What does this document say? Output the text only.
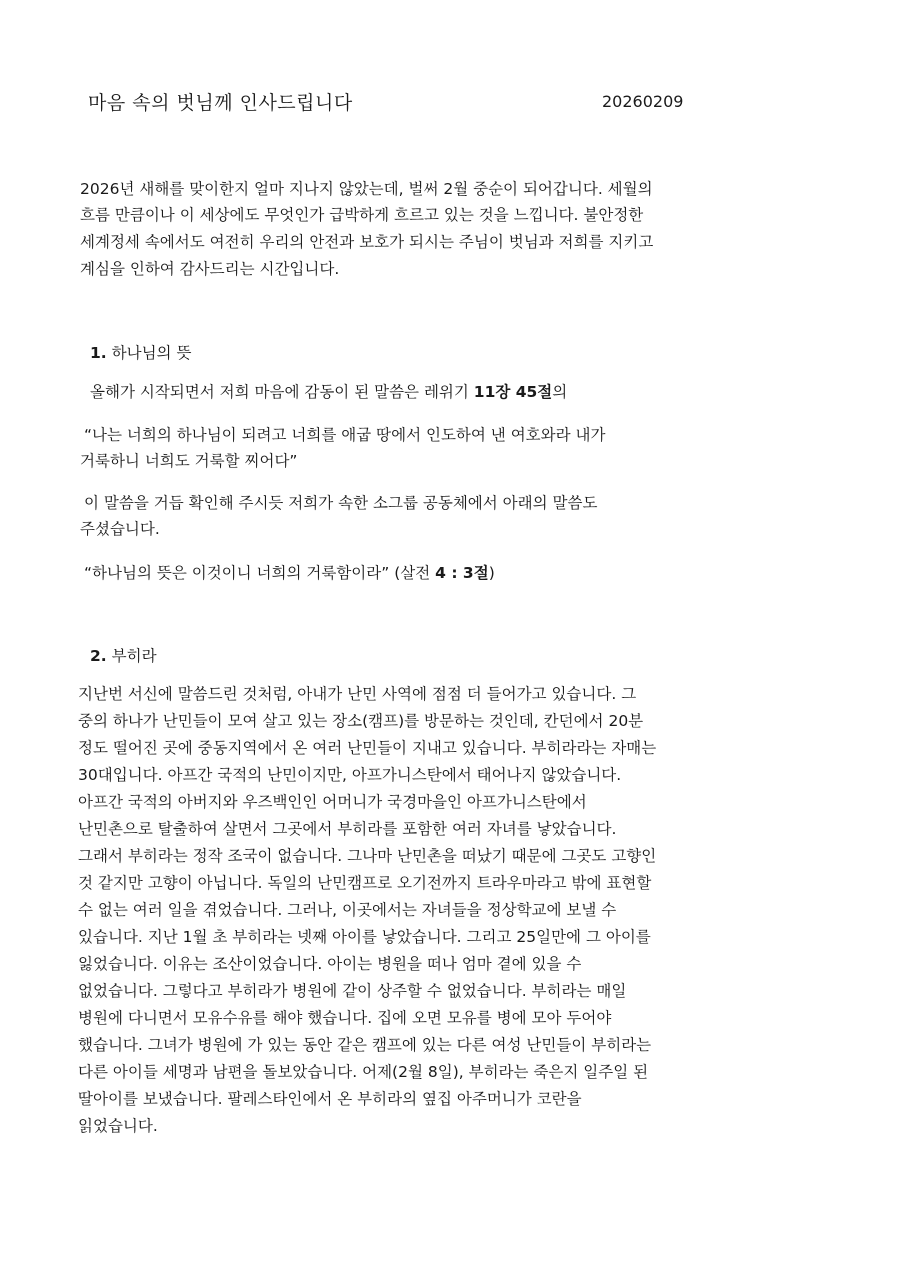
마음 속의 벗님께 인사드립니다	20260209
2026년 새해를 맞이한지 얼마 지나지 않았는데, 벌써 2월 중순이 되어갑니다. 세월의
흐름 만큼이나 이 세상에도 무엇인가 급박하게 흐르고 있는 것을 느낍니다. 불안정한
세계정세 속에서도 여전히 우리의 안전과 보호가 되시는 주님이 벗님과 저희를 지키고
계심을 인하여 감사드리는 시간입니다.
1. 하나님의 뜻
올해가 시작되면서 저희 마음에 감동이 된 말씀은 레위기 11장 45절의
“나는 너희의 하나님이 되려고 너희를 애굽 땅에서 인도하여 낸 여호와라 내가
거룩하니 너희도 거룩할 찌어다”
이 말씀을 거듭 확인해 주시듯 저희가 속한 소그룹 공동체에서 아래의 말씀도
주셨습니다.
“하나님의 뜻은 이것이니 너희의 거룩함이라” (살전 4 : 3절)
2. 부히라
지난번 서신에 말씀드린 것처럼, 아내가 난민 사역에 점점 더 들어가고 있습니다. 그
중의 하나가 난민들이 모여 살고 있는 장소(캠프)를 방문하는 것인데, 칸던에서 20분
정도 떨어진 곳에 중동지역에서 온 여러 난민들이 지내고 있습니다. 부히라라는 자매는
30대입니다. 아프간 국적의 난민이지만, 아프가니스탄에서 태어나지 않았습니다.
아프간 국적의 아버지와 우즈백인인 어머니가 국경마을인 아프가니스탄에서
난민촌으로 탈출하여 살면서 그곳에서 부히라를 포함한 여러 자녀를 낳았습니다.
그래서 부히라는 정작 조국이 없습니다. 그나마 난민촌을 떠났기 때문에 그곳도 고향인
것 같지만 고향이 아닙니다. 독일의 난민캠프로 오기전까지 트라우마라고 밖에 표현할
수 없는 여러 일을 겪었습니다. 그러나, 이곳에서는 자녀들을 정상학교에 보낼 수
있습니다. 지난 1월 초 부히라는 넷째 아이를 낳았습니다. 그리고 25일만에 그 아이를
잃었습니다. 이유는 조산이었습니다. 아이는 병원을 떠나 엄마 곁에 있을 수
없었습니다. 그렇다고 부히라가 병원에 같이 상주할 수 없었습니다. 부히라는 매일
병원에 다니면서 모유수유를 해야 했습니다. 집에 오면 모유를 병에 모아 두어야
했습니다. 그녀가 병원에 가 있는 동안 같은 캠프에 있는 다른 여성 난민들이 부히라는
다른 아이들 세명과 남편을 돌보았습니다. 어제(2월 8일), 부히라는 죽은지 일주일 된
딸아이를 보냈습니다. 팔레스타인에서 온 부히라의 옆집 아주머니가 코란을
읽었습니다.
